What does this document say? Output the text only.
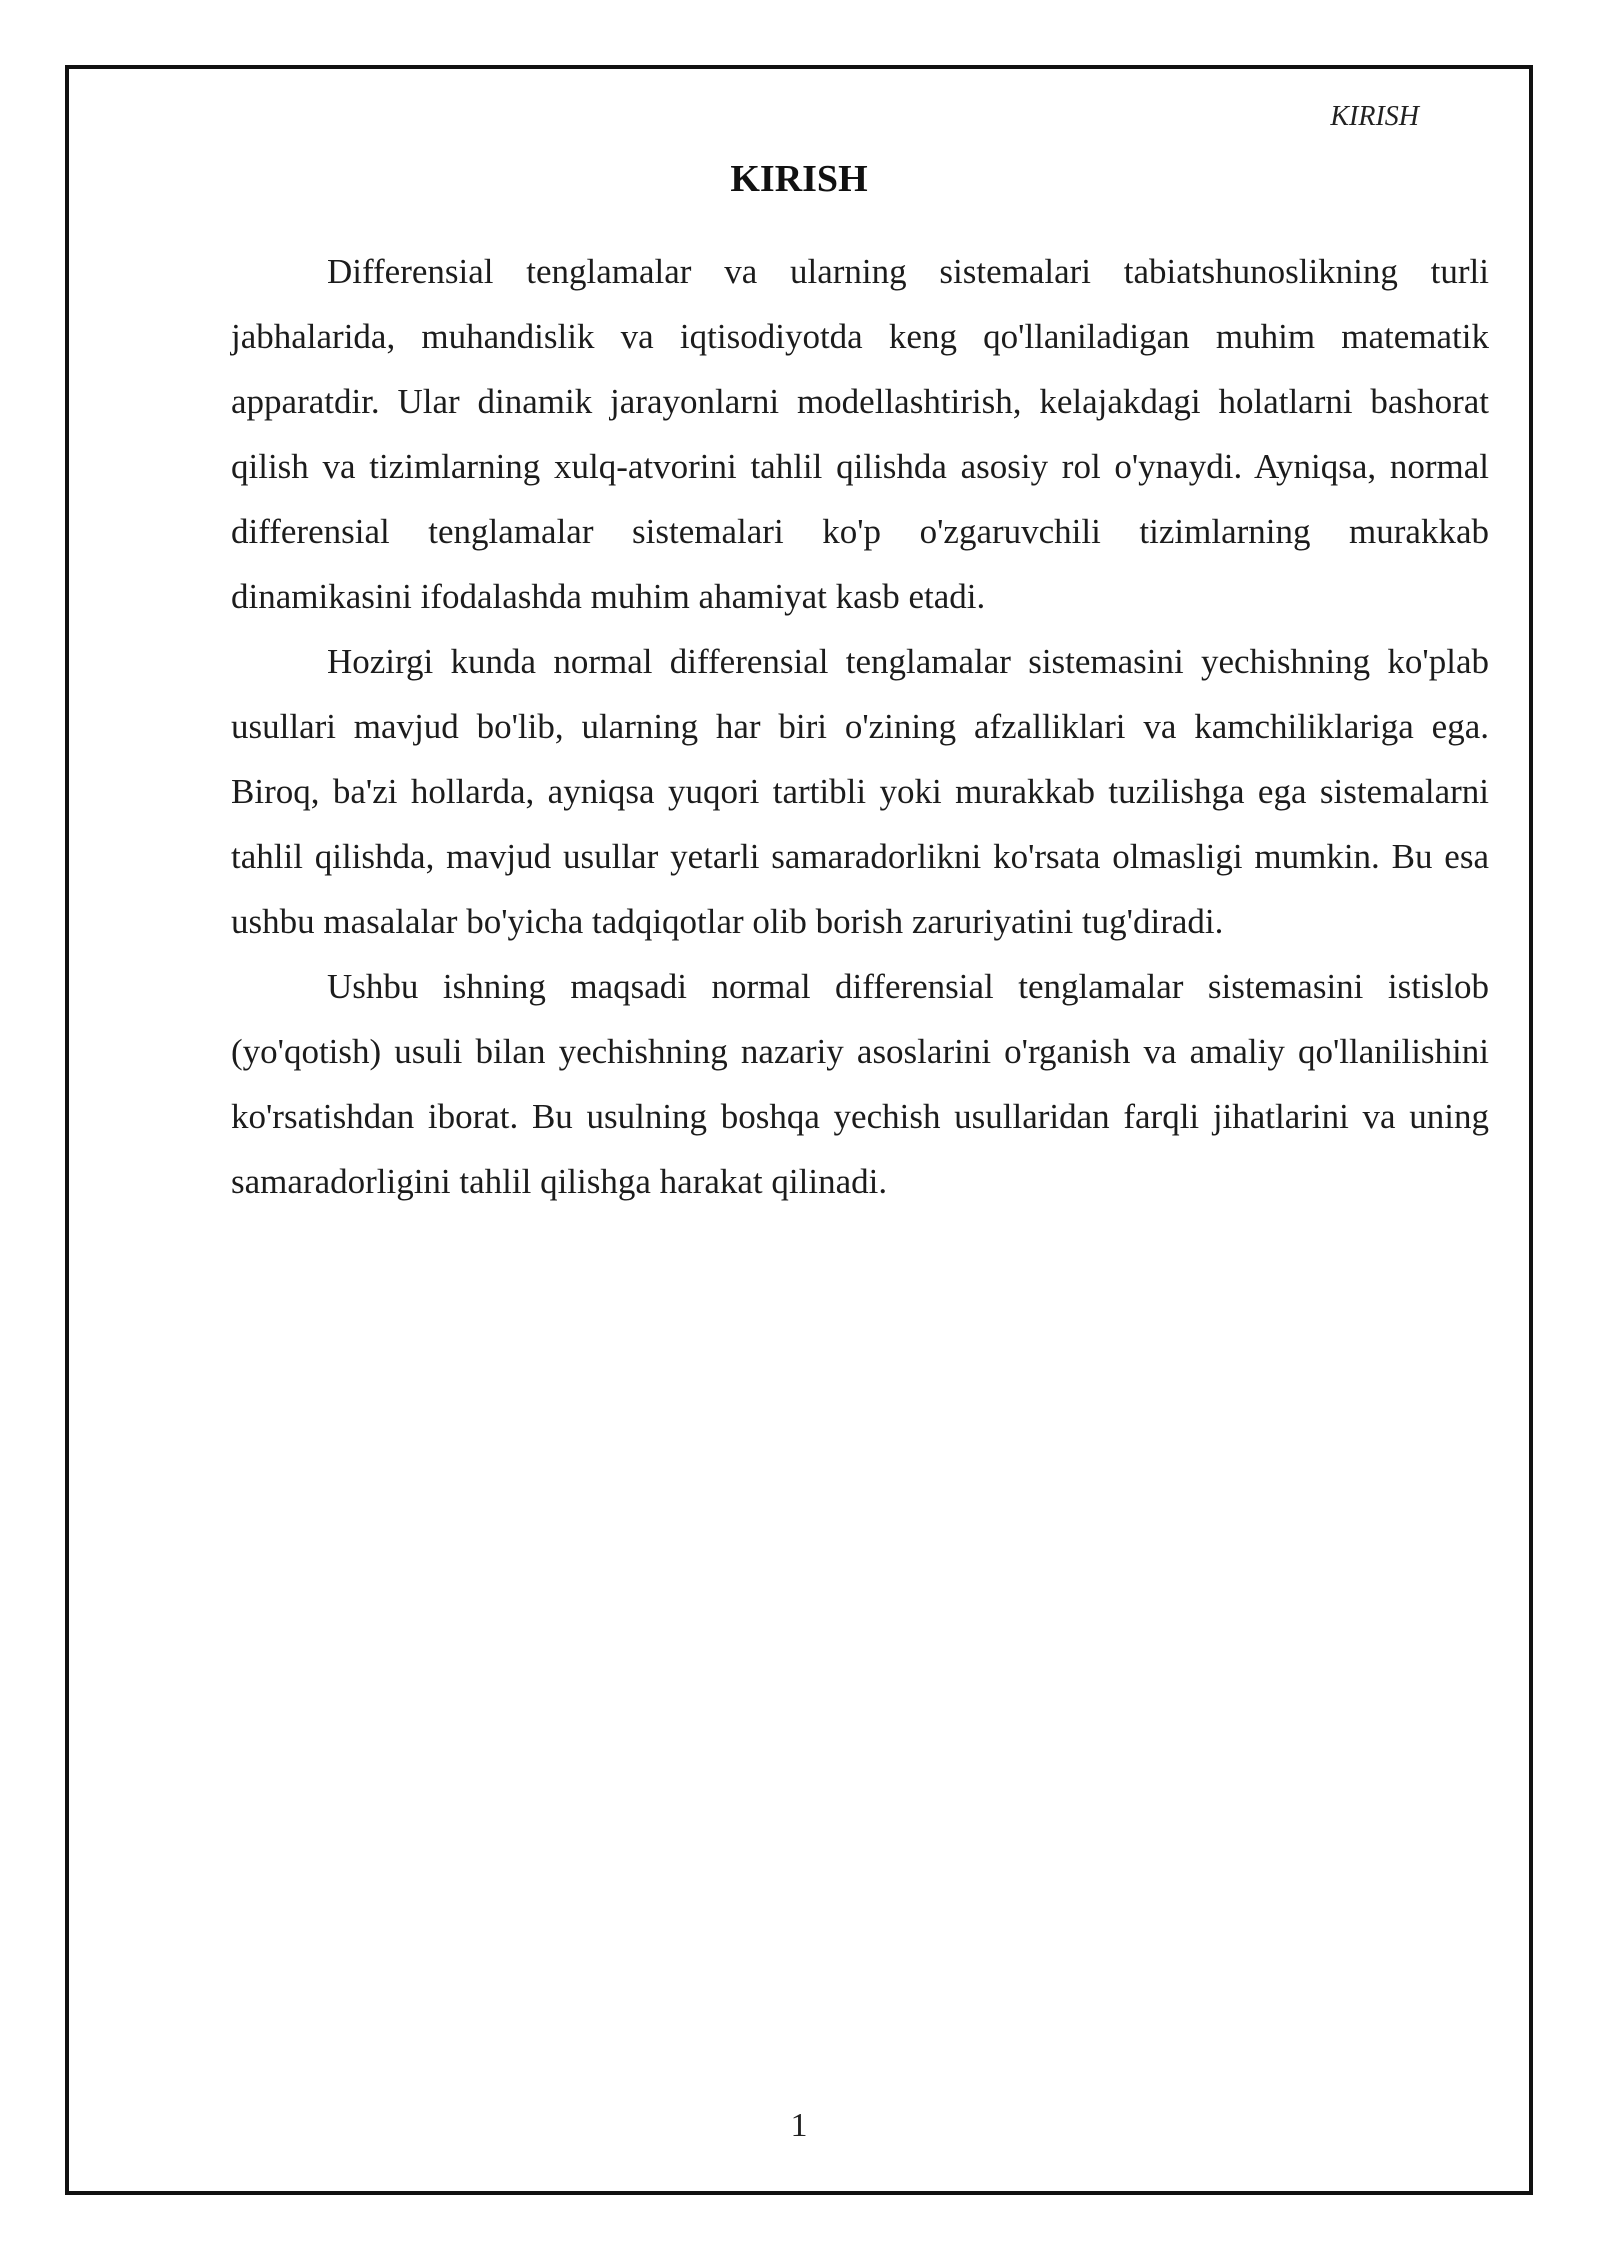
KIRISH
KIRISH

Differensial tenglamalar va ularning sistemalari tabiatshunoslikning turli jabhalarida, muhandislik va iqtisodiyotda keng qo'llaniladigan muhim matematik apparatdir. Ular dinamik jarayonlarni modellashtirish, kelajakdagi holatlarni bashorat qilish va tizimlarning xulq-atvorini tahlil qilishda asosiy rol o'ynaydi. Ayniqsa, normal differensial tenglamalar sistemalari ko'p o'zgaruvchili tizimlarning murakkab dinamikasini ifodalashda muhim ahamiyat kasb etadi.

Hozirgi kunda normal differensial tenglamalar sistemasini yechishning ko'plab usullari mavjud bo'lib, ularning har biri o'zining afzalliklari va kamchiliklariga ega. Biroq, ba'zi hollarda, ayniqsa yuqori tartibli yoki murakkab tuzilishga ega sistemalarni tahlil qilishda, mavjud usullar yetarli samaradorlikni ko'rsata olmasligi mumkin. Bu esa ushbu masalalar bo'yicha tadqiqotlar olib borish zaruriyatini tug'diradi.

Ushbu ishning maqsadi normal differensial tenglamalar sistemasini istislob (yo'qotish) usuli bilan yechishning nazariy asoslarini o'rganish va amaliy qo'llanilishini ko'rsatishdan iborat. Bu usulning boshqa yechish usullaridan farqli jihatlarini va uning samaradorligini tahlil qilishga harakat qilinadi.

1
